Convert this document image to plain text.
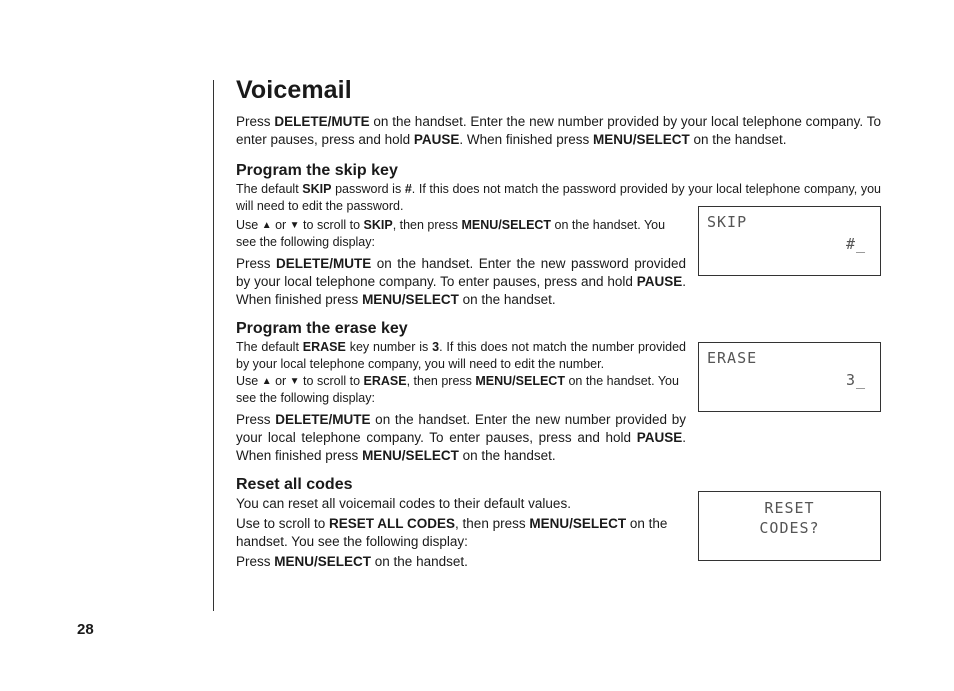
Voicemail

Press DELETE/MUTE on the handset. Enter the new number provided by your local telephone company. To enter pauses, press and hold PAUSE. When finished press MENU/SELECT on the handset.

Program the skip key

The default SKIP password is #. If this does not match the password provided by your local telephone company, you will need to edit the password.

Use ▲ or ▼ to scroll to SKIP, then press MENU/SELECT on the handset. You see the following display:

Press DELETE/MUTE on the handset. Enter the new password provided by your local telephone company. To enter pauses, press and hold PAUSE. When finished press MENU/SELECT on the handset.

SKIP
#_
Program the erase key

The default ERASE key number is 3. If this does not match the number provided by your local telephone company, you will need to edit the number.

Use ▲ or ▼ to scroll to ERASE, then press MENU/SELECT on the handset. You see the following display:

Press DELETE/MUTE on the handset. Enter the new number provided by your local telephone company. To enter pauses, press and hold PAUSE. When finished press MENU/SELECT on the handset.

ERASE
3_
Reset all codes

You can reset all voicemail codes to their default values.

Use to scroll to RESET ALL CODES, then press MENU/SELECT on the handset. You see the following display:

Press MENU/SELECT on the handset.

RESET
CODES?
28
